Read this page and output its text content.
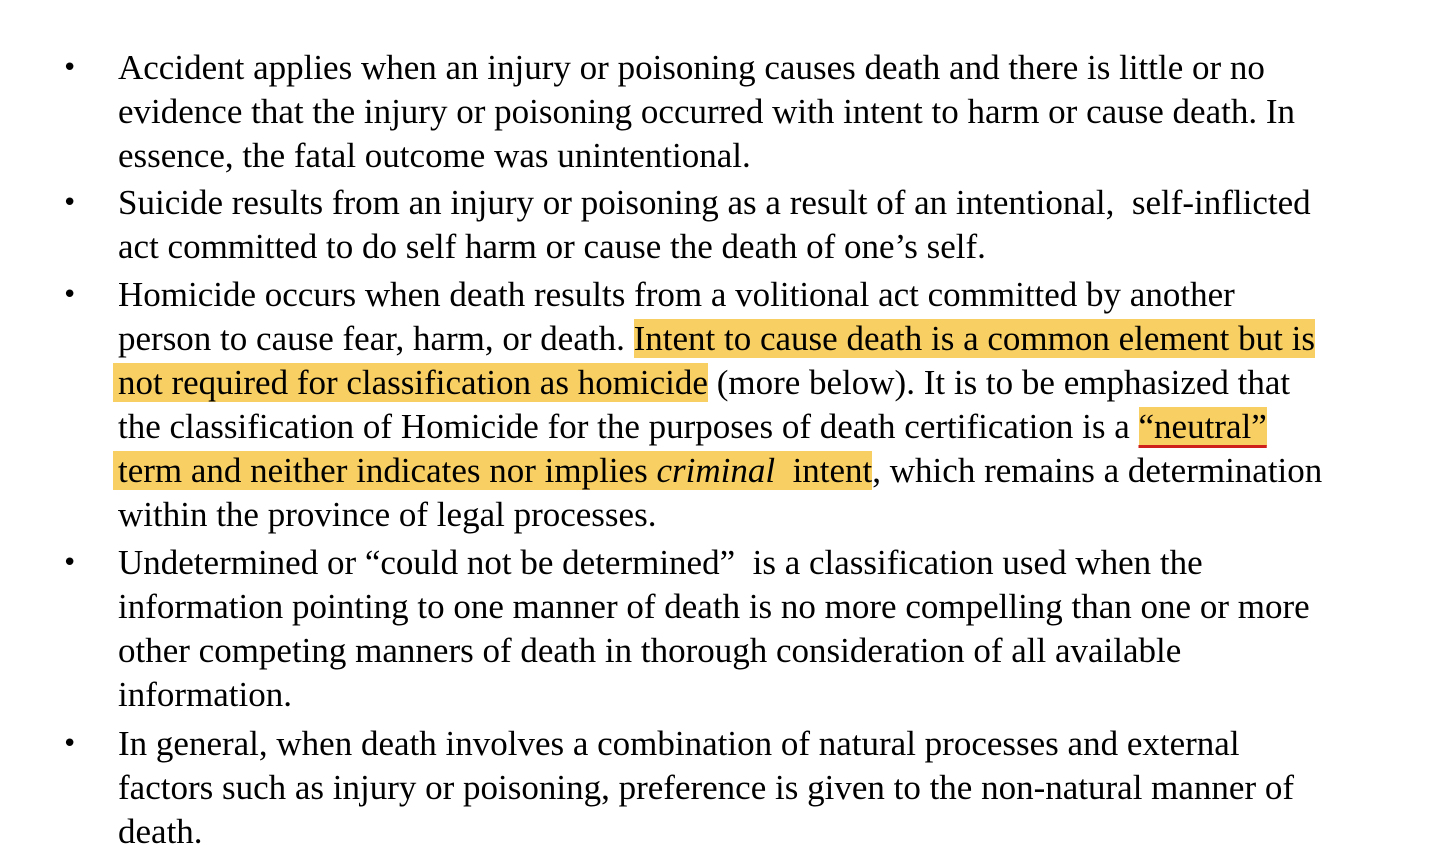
• Accident applies when an injury or poisoning causes death and there is little or no
evidence that the injury or poisoning occurred with intent to harm or cause death. In
essence, the fatal outcome was unintentional.
• Suicide results from an injury or poisoning as a result of an intentional,  self-inflicted
act committed to do self harm or cause the death of one’s self.
• Homicide occurs when death results from a volitional act committed by another
person to cause fear, harm, or death. Intent to cause death is a common element but is
not required for classification as homicide (more below). It is to be emphasized that
the classification of Homicide for the purposes of death certification is a “neutral”
term and neither indicates nor implies criminal  intent, which remains a determination
within the province of legal processes.
• Undetermined or “could not be determined”  is a classification used when the
information pointing to one manner of death is no more compelling than one or more
other competing manners of death in thorough consideration of all available
information.
• In general, when death involves a combination of natural processes and external
factors such as injury or poisoning, preference is given to the non-natural manner of
death.
